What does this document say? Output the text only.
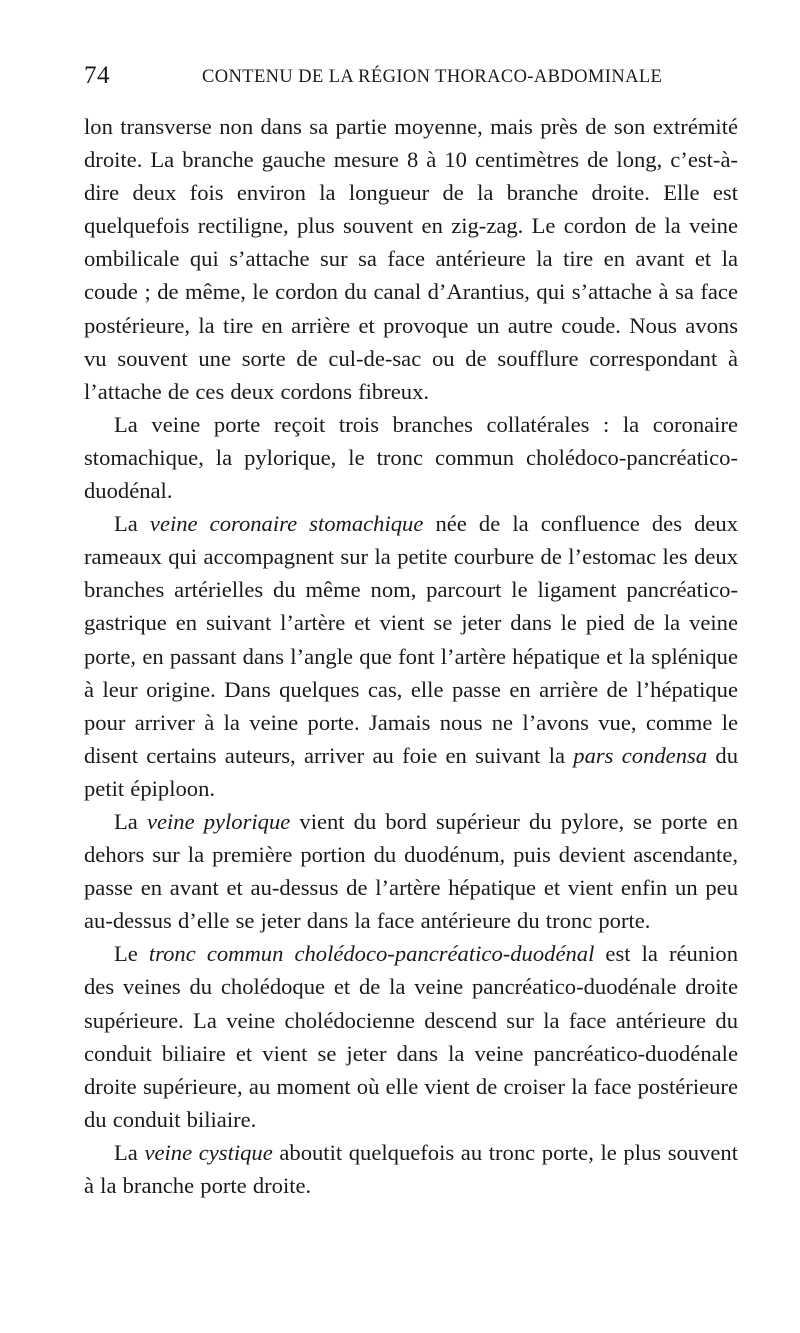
74	CONTENU DE LA RÉGION THORACO-ABDOMINALE

lon transverse non dans sa partie moyenne, mais près de son extrémité droite. La branche gauche mesure 8 à 10 centimètres de long, c’est-à-dire deux fois environ la longueur de la branche droite. Elle est quelquefois rectiligne, plus souvent en zig-zag. Le cordon de la veine ombilicale qui s’attache sur sa face antérieure la tire en avant et la coude ; de même, le cordon du canal d’Arantius, qui s’attache à sa face postérieure, la tire en arrière et provoque un autre coude. Nous avons vu souvent une sorte de cul-de-sac ou de soufflure correspondant à l’attache de ces deux cordons fibreux.

La veine porte reçoit trois branches collatérales : la coronaire stomachique, la pylorique, le tronc commun cholédoco-pancréatico-duodénal.

La veine coronaire stomachique née de la confluence des deux rameaux qui accompagnent sur la petite courbure de l’estomac les deux branches artérielles du même nom, parcourt le ligament pancréatico-gastrique en suivant l’artère et vient se jeter dans le pied de la veine porte, en passant dans l’angle que font l’artère hépatique et la splénique à leur origine. Dans quelques cas, elle passe en arrière de l’hépatique pour arriver à la veine porte. Jamais nous ne l’avons vue, comme le disent certains auteurs, arriver au foie en suivant la pars condensa du petit épiploon.

La veine pylorique vient du bord supérieur du pylore, se porte en dehors sur la première portion du duodénum, puis devient ascendante, passe en avant et au-dessus de l’artère hépatique et vient enfin un peu au-dessus d’elle se jeter dans la face antérieure du tronc porte.

Le tronc commun cholédoco-pancréatico-duodénal est la réunion des veines du cholédoque et de la veine pancréatico-duodénale droite supérieure. La veine cholédocienne descend sur la face antérieure du conduit biliaire et vient se jeter dans la veine pancréatico-duodénale droite supérieure, au moment où elle vient de croiser la face postérieure du conduit biliaire.

La veine cystique aboutit quelquefois au tronc porte, le plus souvent à la branche porte droite.
